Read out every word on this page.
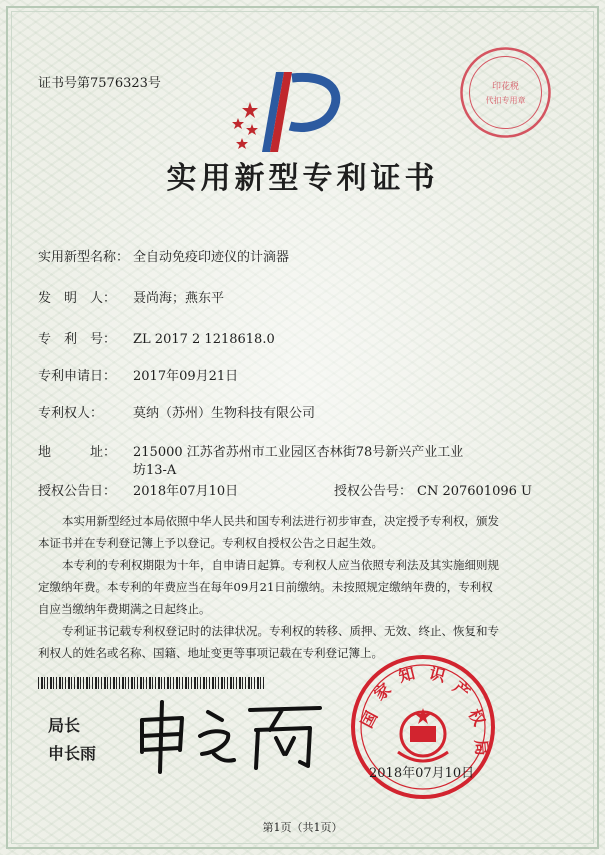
证书号第7576323号	印花税
代扣专用章
实用新型专利证书
实用新型名称： 全自动免疫印迹仪的计滴器
发　明　人： 聂尚海；燕东平
专　利　号： ZL 2017 2 1218618.0
专利申请日： 2017年09月21日
专利权人： 莫纳（苏州）生物科技有限公司
地　　　址： 215000 江苏省苏州市工业园区杏林街78号新兴产业工业
坊13-A
授权公告日： 2018年07月10日	授权公告号： CN 207601096 U
本实用新型经过本局依照中华人民共和国专利法进行初步审查，决定授予专利权，颁发
本证书并在专利登记簿上予以登记。专利权自授权公告之日起生效。
本专利的专利权期限为十年，自申请日起算。专利权人应当依照专利法及其实施细则规
定缴纳年费。本专利的年费应当在每年09月21日前缴纳。未按照规定缴纳年费的，专利权
自应当缴纳年费期满之日起终止。
专利证书记载专利权登记时的法律状况。专利权的转移、质押、无效、终止、恢复和专
利权人的姓名或名称、国籍、地址变更等事项记载在专利登记簿上。
局长
申长雨
国
家
知 识
产
权
局
2018年07月10日
第1页（共1页）
